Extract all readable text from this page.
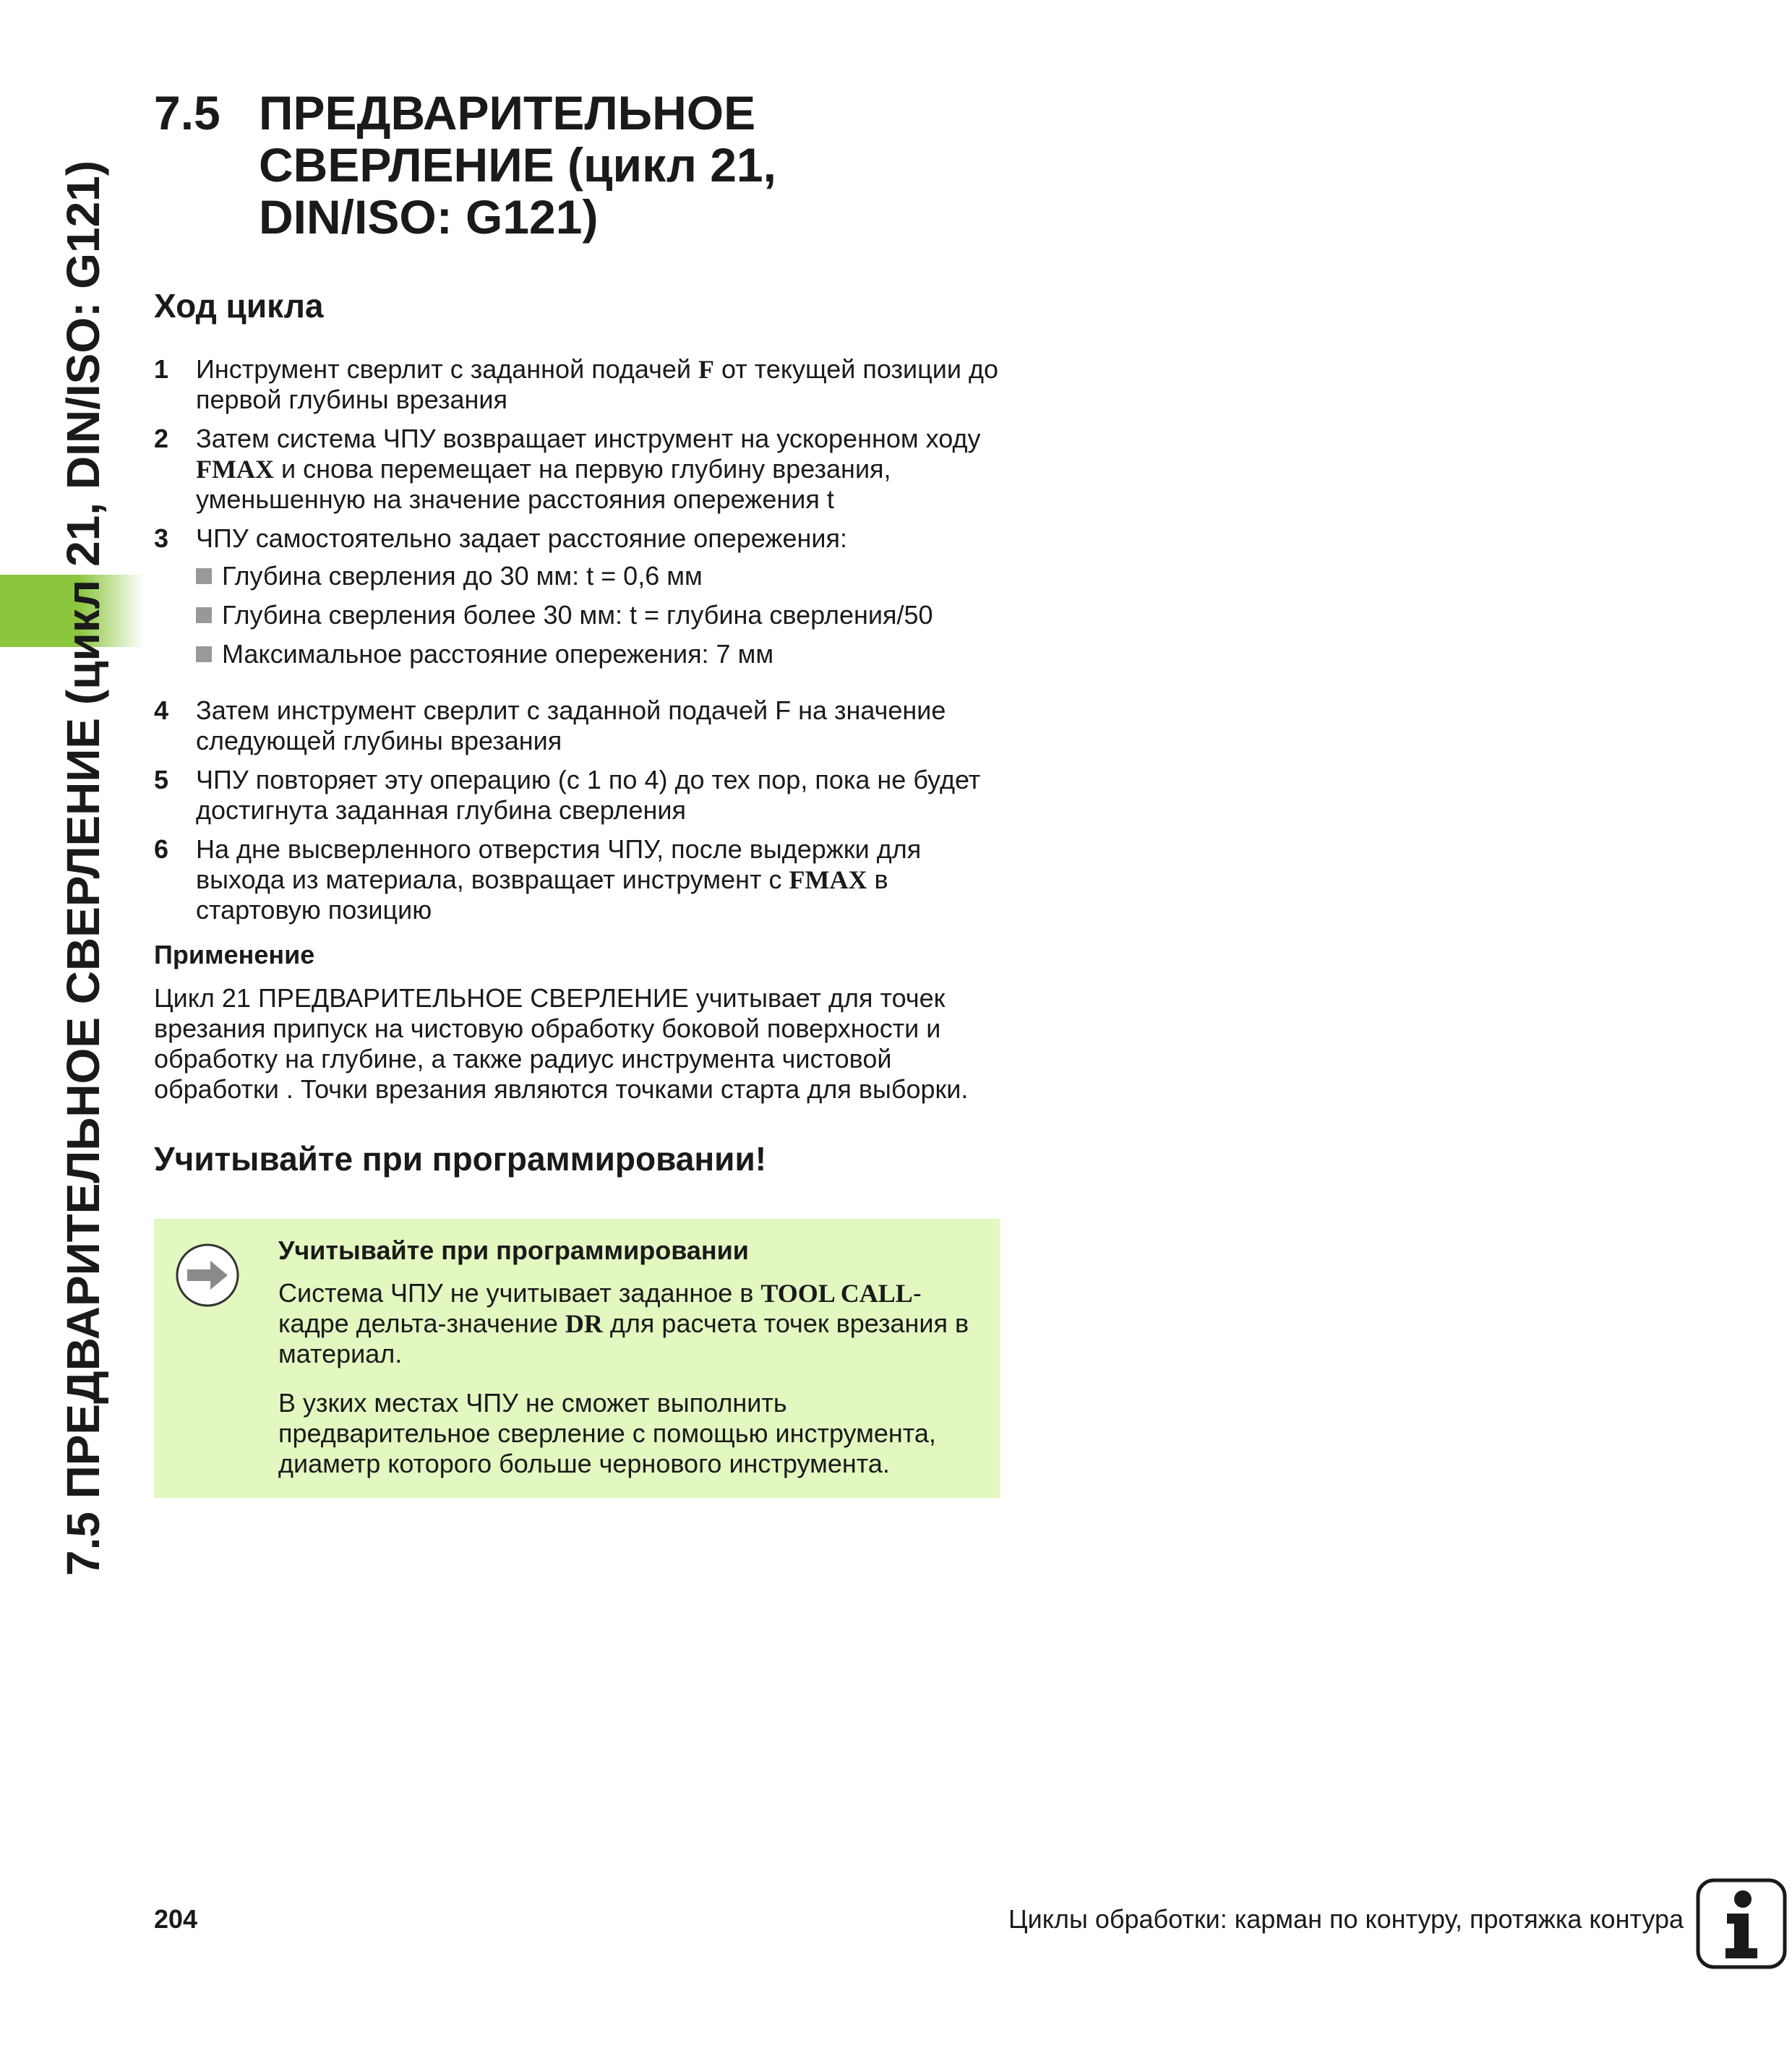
7.5 ПРЕДВАРИТЕЛЬНОЕ СВЕРЛЕНИЕ (цикл 21, DIN/ISO: G121)
7.5 ПРЕДВАРИТЕЛЬНОЕ
СВЕРЛЕНИЕ (цикл 21,
DIN/ISO: G121)
Ход цикла
1	Инструмент сверлит с заданной подачей F от текущей позиции до первой глубины врезания
2	Затем система ЧПУ возвращает инструмент на ускоренном ходу FMAX и снова перемещает на первую глубину врезания, уменьшенную на значение расстояния опережения t
3	ЧПУ самостоятельно задает расстояние опережения:
Глубина сверления до 30 мм: t = 0,6 мм
Глубина сверления более 30 мм: t = глубина сверления/50
Максимальное расстояние опережения: 7 мм
4	Затем инструмент сверлит с заданной подачей F на значение следующей глубины врезания
5	ЧПУ повторяет эту операцию (с 1 по 4) до тех пор, пока не будет достигнута заданная глубина сверления
6	На дне высверленного отверстия ЧПУ, после выдержки для выхода из материала, возвращает инструмент с FMAX в стартовую позицию
Применение

Цикл 21 ПРЕДВАРИТЕЛЬНОЕ СВЕРЛЕНИЕ учитывает для точек врезания припуск на чистовую обработку боковой поверхности и обработку на глубине, а также радиус инструмента чистовой обработки . Точки врезания являются точками старта для выборки.

Учитывайте при программировании!

Учитывайте при программировании

Система ЧПУ не учитывает заданное в TOOL CALL-кадре дельта-значение DR для расчета точек врезания в материал.

В узких местах ЧПУ не сможет выполнить предварительное сверление с помощью инструмента, диаметр которого больше чернового инструмента.

204	Циклы обработки: карман по контуру, протяжка контура
